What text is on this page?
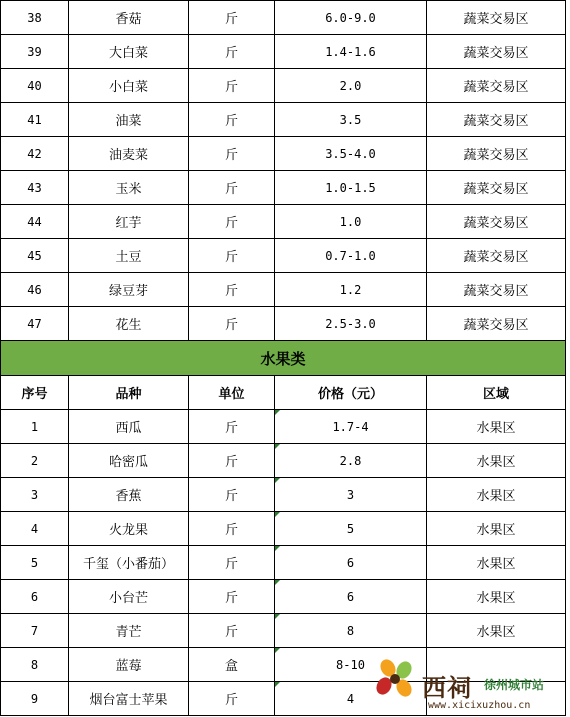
38	香菇	斤	6.0-9.0	蔬菜交易区
39	大白菜	斤	1.4-1.6	蔬菜交易区
40	小白菜	斤	2.0	蔬菜交易区
41	油菜	斤	3.5	蔬菜交易区
42	油麦菜	斤	3.5-4.0	蔬菜交易区
43	玉米	斤	1.0-1.5	蔬菜交易区
44	红芋	斤	1.0	蔬菜交易区
45	土豆	斤	0.7-1.0	蔬菜交易区
46	绿豆芽	斤	1.2	蔬菜交易区
47	花生	斤	2.5-3.0	蔬菜交易区
水果类				
序号	品种	单位	价格（元）	区域
1	西瓜	斤	1.7-4	水果区
2	哈密瓜	斤	2.8	水果区
3	香蕉	斤	3	水果区
4	火龙果	斤	5	水果区
5	千玺（小番茄）	斤	6	水果区
6	小台芒	斤	6	水果区
7	青芒	斤	8	水果区
8	蓝莓	盒	8-10	
9	烟台富士苹果	斤	4		西祠 徐州城市站
www.xicixuzhou.cn
